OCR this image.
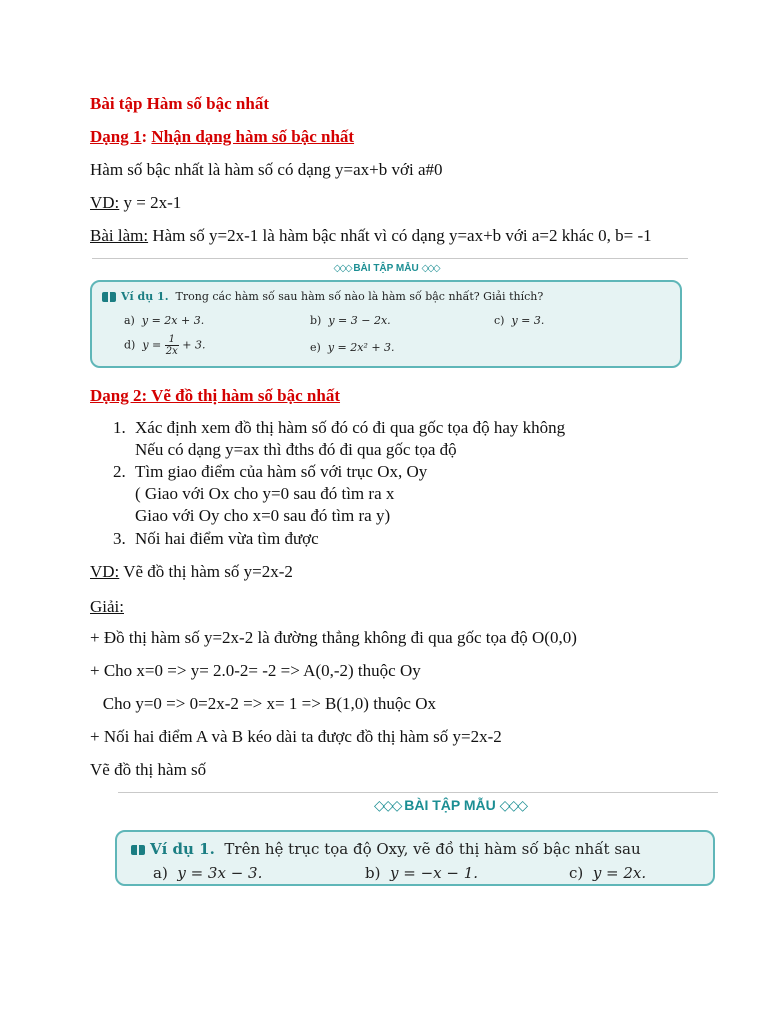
Bài tập Hàm số bậc nhất
Dạng 1: Nhận dạng hàm số bậc nhất
Hàm số bậc nhất là hàm số có dạng y=ax+b với a#0
VD: y = 2x-1
Bài làm: Hàm số y=2x-1 là hàm bậc nhất vì có dạng y=ax+b với a=2 khác 0, b= -1
◇◇◇ BÀI TẬP MẪU ◇◇◇
Ví dụ 1. Trong các hàm số sau hàm số nào là hàm số bậc nhất? Giải thích?
a) y = 2x + 3.	b) y = 3 − 2x.	c) y = 3.
d) $y = \frac{1}{2x} + 3$.	e) y = 2x² + 3.
Dạng 2: Vẽ đồ thị hàm số bậc nhất
1. Xác định xem đồ thị hàm số đó có đi qua gốc tọa độ hay không
Nếu có dạng y=ax thì đths đó đi qua gốc tọa độ
2. Tìm giao điểm của hàm số với trục Ox, Oy
( Giao với Ox cho y=0 sau đó tìm ra x
Giao với Oy cho x=0 sau đó tìm ra y)
3. Nối hai điểm vừa tìm được
VD: Vẽ đồ thị hàm số y=2x-2
Giải:
+ Đồ thị hàm số y=2x-2 là đường thẳng không đi qua gốc tọa độ O(0,0)
+ Cho x=0 => y= 2.0-2= -2 => A(0,-2) thuộc Oy
Cho y=0 => 0=2x-2 => x= 1 => B(1,0) thuộc Ox
+ Nối hai điểm A và B kéo dài ta được đồ thị hàm số y=2x-2
Vẽ đồ thị hàm số
◇◇◇ BÀI TẬP MẪU ◇◇◇
Ví dụ 1. Trên hệ trục tọa độ Oxy, vẽ đồ thị hàm số bậc nhất sau
a) y = 3x − 3.	b) y = −x − 1.	c) y = 2x.
